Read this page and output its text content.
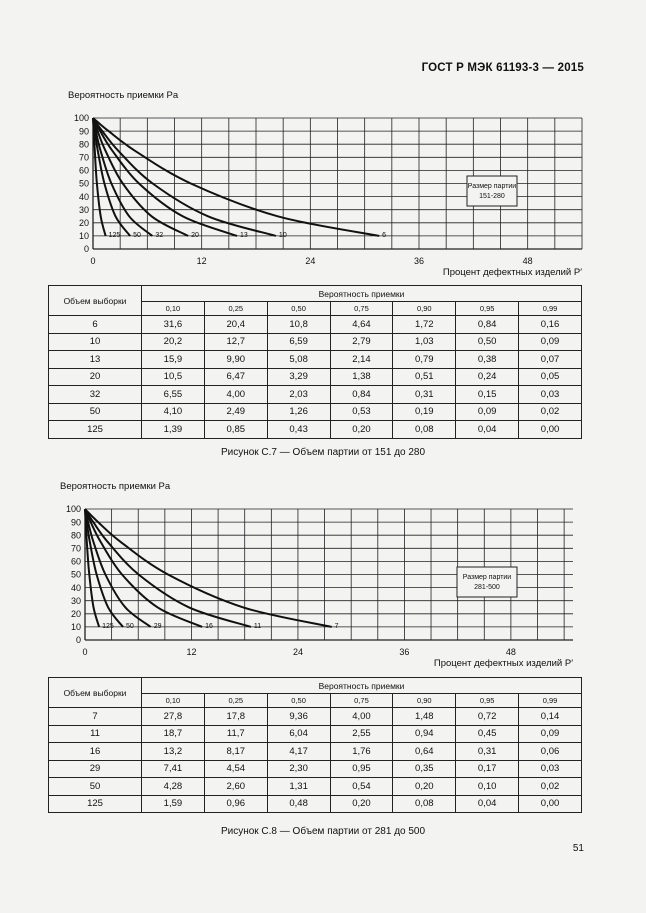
ГОСТ Р МЭК 61193-3 — 2015
Вероятность приемки Pa
0
10
20
30
40
50
60
70
80
90
100
0	12	24	36	48
Процент дефектных изделий P′
6
10
13
20
32
50
125
Размер партии
151-280
Объем выборки	Вероятность приемки						
	0,10	0,25	0,50	0,75	0,90	0,95	0,99
6	31,6	20,4	10,8	4,64	1,72	0,84	0,16
10	20,2	12,7	6,59	2,79	1,03	0,50	0,09
13	15,9	9,90	5,08	2,14	0,79	0,38	0,07
20	10,5	6,47	3,29	1,38	0,51	0,24	0,05
32	6,55	4,00	2,03	0,84	0,31	0,15	0,03
50	4,10	2,49	1,26	0,53	0,19	0,09	0,02
125	1,39	0,85	0,43	0,20	0,08	0,04	0,00
Рисунок С.7 — Объем партии от 151 до 280
Вероятность приемки Pa
0
10
20
30
40
50
60
70
80
90
100
0	12	24	36	48
Процент дефектных изделий P′
7
11
16
29
50
125
Размер партии
281-500
Объем выборки	Вероятность приемки						
	0,10	0,25	0,50	0,75	0,90	0,95	0,99
7	27,8	17,8	9,36	4,00	1,48	0,72	0,14
11	18,7	11,7	6,04	2,55	0,94	0,45	0,09
16	13,2	8,17	4,17	1,76	0,64	0,31	0,06
29	7,41	4,54	2,30	0,95	0,35	0,17	0,03
50	4,28	2,60	1,31	0,54	0,20	0,10	0,02
125	1,59	0,96	0,48	0,20	0,08	0,04	0,00
Рисунок С.8 — Объем партии от 281 до 500
51
